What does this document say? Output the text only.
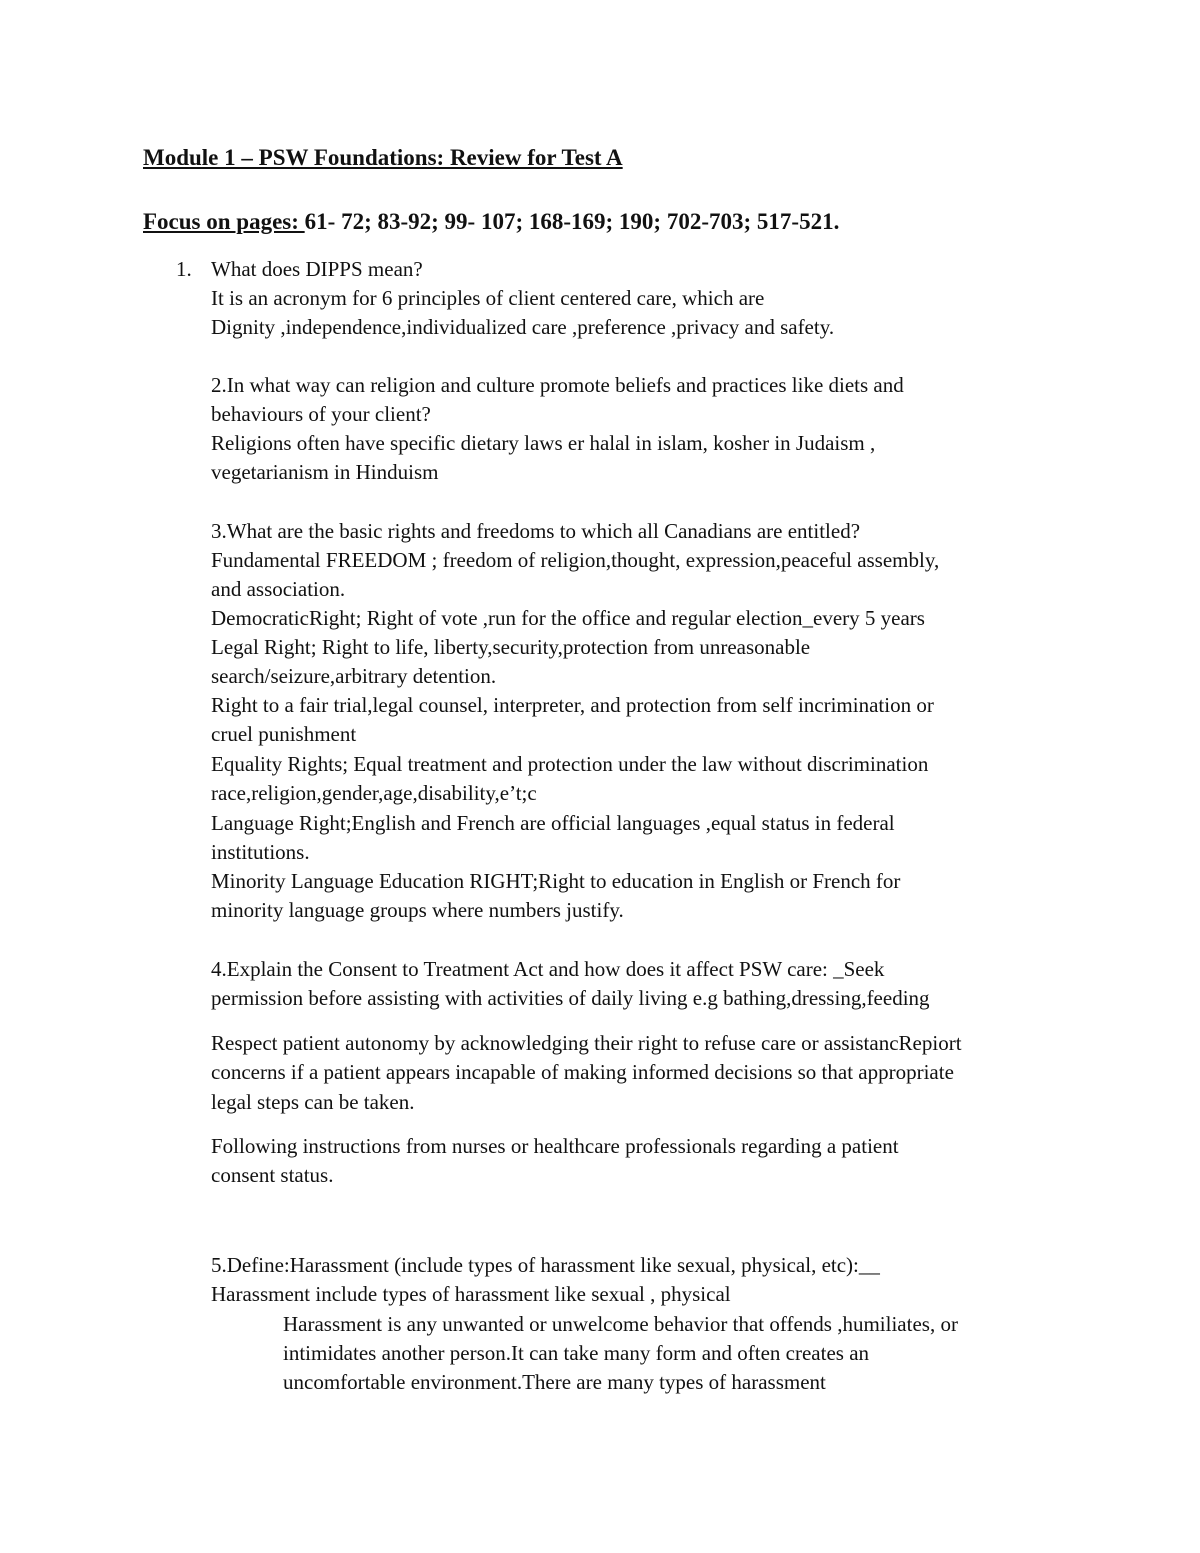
Module 1 – PSW Foundations: Review for Test A
Focus on pages: 61- 72; 83-92; 99- 107; 168-169; 190; 702-703; 517-521.
1. What does DIPPS mean?
It is an acronym for 6 principles of client centered care, which are
Dignity ,independence,individualized care ,preference ,privacy and safety.
2.In what way can religion and culture promote beliefs and practices like diets and
behaviours of your client?
Religions often have specific dietary laws er halal in islam, kosher in Judaism ,
vegetarianism in Hinduism
3.What are the basic rights and freedoms to which all Canadians are entitled?
Fundamental FREEDOM ; freedom of religion,thought, expression,peaceful assembly,
and association.
DemocraticRight; Right of vote ,run for the office and regular election_every 5 years
Legal Right; Right to life, liberty,security,protection from unreasonable
search/seizure,arbitrary detention.
Right to a fair trial,legal counsel, interpreter, and protection from self incrimination or
cruel punishment
Equality Rights; Equal treatment and protection under the law without discrimination
race,religion,gender,age,disability,e’t;c
Language Right;English and French are official languages ,equal status in federal
institutions.
Minority Language Education RIGHT;Right to education in English or French for
minority language groups where numbers justify.
4.Explain the Consent to Treatment Act and how does it affect PSW care: _Seek
permission before assisting with activities of daily living e.g bathing,dressing,feeding
Respect patient autonomy by acknowledging their right to refuse care or assistancRepiort
concerns if a patient appears incapable of making informed decisions so that appropriate
legal steps can be taken.
Following instructions from nurses or healthcare professionals regarding a patient
consent status.
5.Define:Harassment (include types of harassment like sexual, physical, etc):__
Harassment include types of harassment like sexual , physical
Harassment is any unwanted or unwelcome behavior that offends ,humiliates, or
intimidates another person.It can take many form and often creates an
uncomfortable environment.There are many types of harassment
